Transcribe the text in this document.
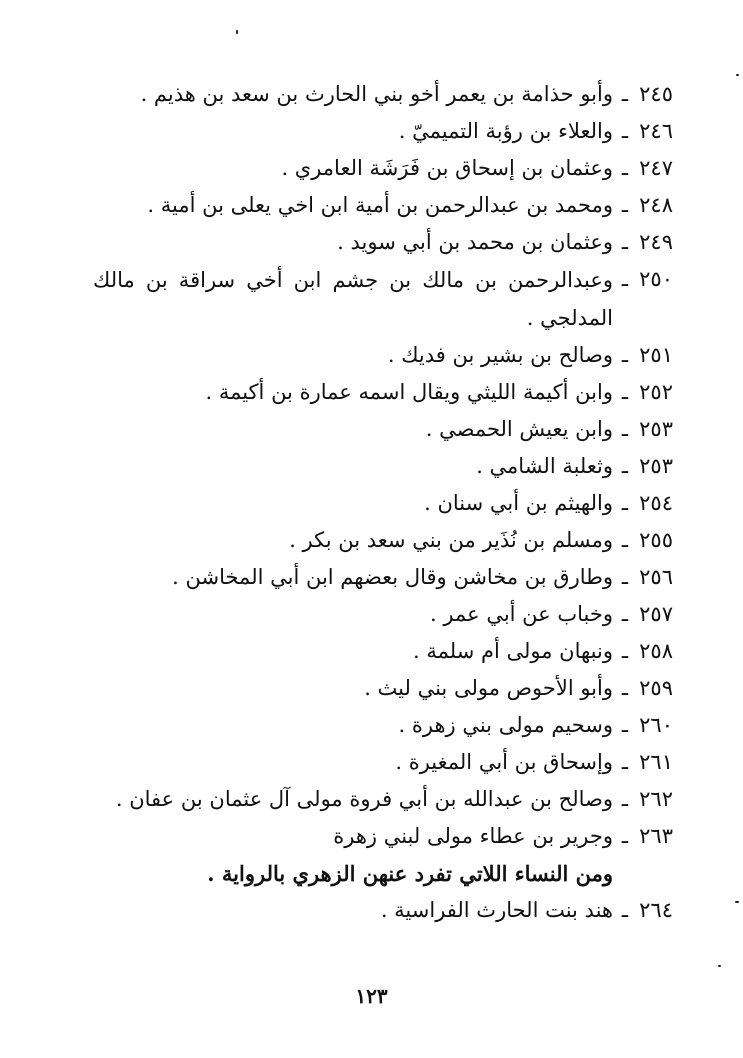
٢٤٥
ـ
وأبو حذامة بن يعمر أخو بني الحارث بن سعد بن هذيم .
٢٤٦
ـ
والعلاء بن رؤبة التميميّ .
٢٤٧
ـ
وعثمان بن إسحاق بن فَرَشَة العامري .
٢٤٨
ـ
ومحمد بن عبدالرحمن بن أمية ابن اخي يعلى بن أمية .
٢٤٩
ـ
وعثمان بن محمد بن أبي سويد .
٢٥٠
ـ
وعبدالرحمن بن مالك بن جشم ابن أخي سراقة بن مالك المدلجي .
٢٥١
ـ
وصالح بن بشير بن فديك .
٢٥٢
ـ
وابن أكيمة الليثي ويقال اسمه عمارة بن أكيمة .
٢٥٣
ـ
وابن يعيش الحمصي .
٢٥٣
ـ
وثعلبة الشامي .
٢٥٤
ـ
والهيثم بن أبي سنان .
٢٥٥
ـ
ومسلم بن نُذَير من بني سعد بن بكر .
٢٥٦
ـ
وطارق بن مخاشن وقال بعضهم ابن أبي المخاشن .
٢٥٧
ـ
وخباب عن أبي عمر .
٢٥٨
ـ
ونبهان مولى أم سلمة .
٢٥٩
ـ
وأبو الأحوص مولى بني ليث .
٢٦٠
ـ
وسحيم مولى بني زهرة .
٢٦١
ـ
وإسحاق بن أبي المغيرة .
٢٦٢
ـ
وصالح بن عبدالله بن أبي فروة مولى آل عثمان بن عفان .
٢٦٣
ـ
وجرير بن عطاء مولى لبني زهرة
ومن النساء اللاتي تفرد عنهن الزهري بالرواية .
٢٦٤
ـ
هند بنت الحارث الفراسية .
١٢٣
